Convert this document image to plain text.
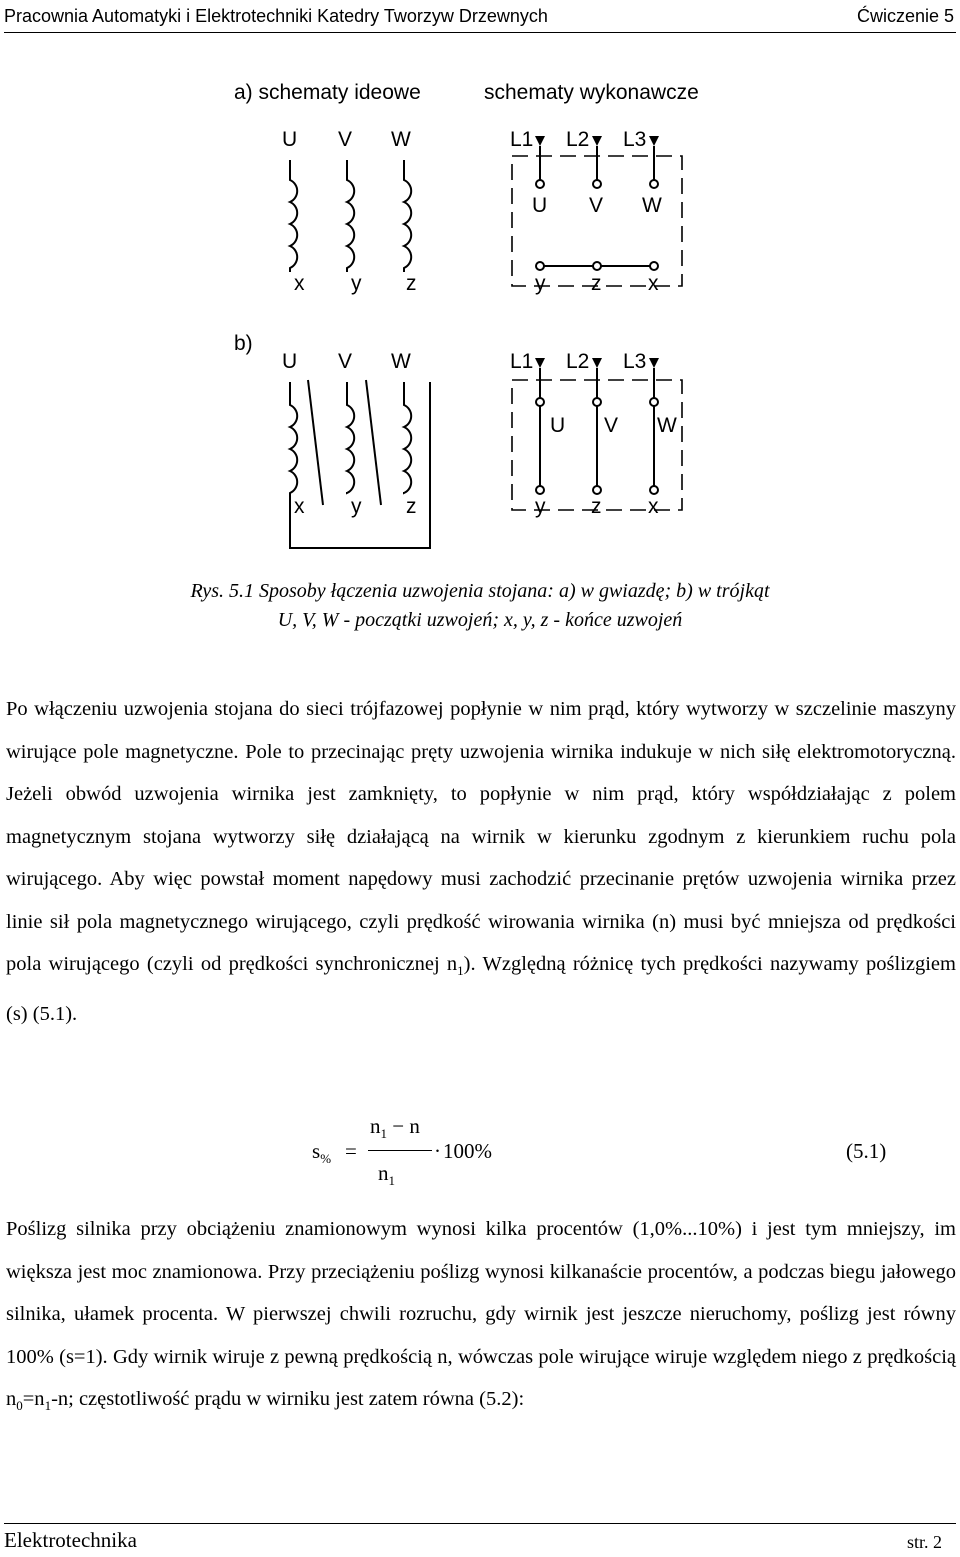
Pracownia Automatyki i Elektrotechniki Katedry Tworzyw Drzewnych	Ćwiczenie 5
a) schematy ideowe	schematy wykonawcze
U V W
x y z
L1 L2 L3
U V W
y z x
b)
U V W
x y z
L1 L2 L3
U V W
y z x
Rys. 5.1 Sposoby łączenia uzwojenia stojana: a) w gwiazdę; b) w trójkąt
U, V, W - początki uzwojeń; x, y, z - końce uzwojeń

Po włączeniu uzwojenia stojana do sieci trójfazowej popłynie w nim prąd, który wytworzy w szczelinie maszyny wirujące pole magnetyczne. Pole to przecinając pręty uzwojenia wirnika indukuje w nich siłę elektromotoryczną. Jeżeli obwód uzwojenia wirnika jest zamknięty, to popłynie w nim prąd, który współdziałając z polem magnetycznym stojana wytworzy siłę działającą na wirnik w kierunku zgodnym z kierunkiem ruchu pola wirującego. Aby więc powstał moment napędowy musi zachodzić przecinanie prętów uzwojenia wirnika przez linie sił pola magnetycznego wirującego, czyli prędkość wirowania wirnika (n) musi być mniejsza od prędkości pola wirującego (czyli od prędkości synchronicznej $n_1$). Względną różnicę tych prędkości nazywamy poślizgiem (s) (5.1).

$s_{\%}$ =
$n_1 - n$
$n_1$
· 100%	(5.1)

Poślizg silnika przy obciążeniu znamionowym wynosi kilka procentów (1,0%...10%) i jest tym mniejszy, im większa jest moc znamionowa. Przy przeciążeniu poślizg wynosi kilkanaście procentów, a podczas biegu jałowego silnika, ułamek procenta. W pierwszej chwili rozruchu, gdy wirnik jest jeszcze nieruchomy, poślizg jest równy 100% (s=1). Gdy wirnik wiruje z pewną prędkością n, wówczas pole wirujące wiruje względem niego z prędkością $n_0=n_1-n$; częstotliwość prądu w wirniku jest zatem równa (5.2):

Elektrotechnika	str. 2
